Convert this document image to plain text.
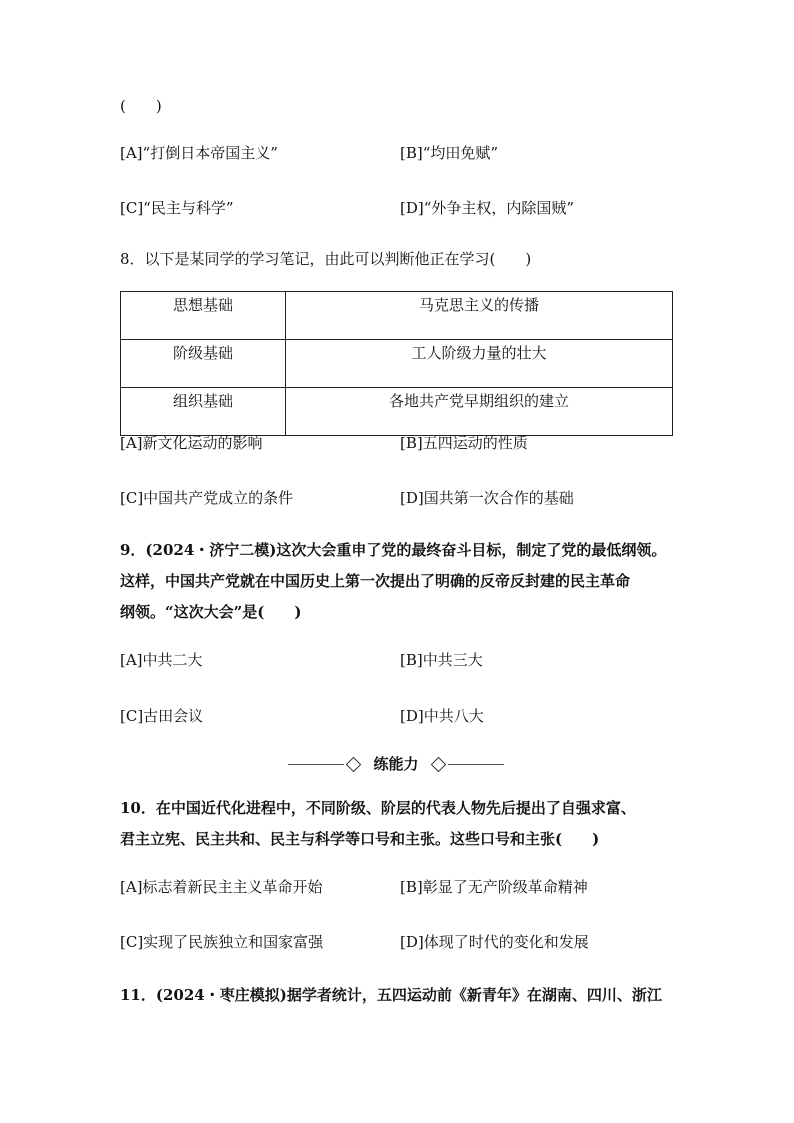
(　　)
[A]“打倒日本帝国主义”	[B]“均田免赋”
[C]“民主与科学”	[D]“外争主权，内除国贼”
8．以下是某同学的学习笔记，由此可以判断他正在学习(　　)
思想基础	马克思主义的传播
阶级基础	工人阶级力量的壮大
组织基础	各地共产党早期组织的建立
[A]新文化运动的影响	[B]五四运动的性质
[C]中国共产党成立的条件	[D]国共第一次合作的基础
9．(2024・济宁二模)这次大会重申了党的最终奋斗目标，制定了党的最低纲领。
这样，中国共产党就在中国历史上第一次提出了明确的反帝反封建的民主革命
纲领。“这次大会”是(　　)
[A]中共二大	[B]中共三大
[C]古田会议	[D]中共八大
练能力
10．在中国近代化进程中，不同阶级、阶层的代表人物先后提出了自强求富、
君主立宪、民主共和、民主与科学等口号和主张。这些口号和主张(　　)
[A]标志着新民主主义革命开始	[B]彰显了无产阶级革命精神
[C]实现了民族独立和国家富强	[D]体现了时代的变化和发展
11．(2024・枣庄模拟)据学者统计，五四运动前《新青年》在湖南、四川、浙江
